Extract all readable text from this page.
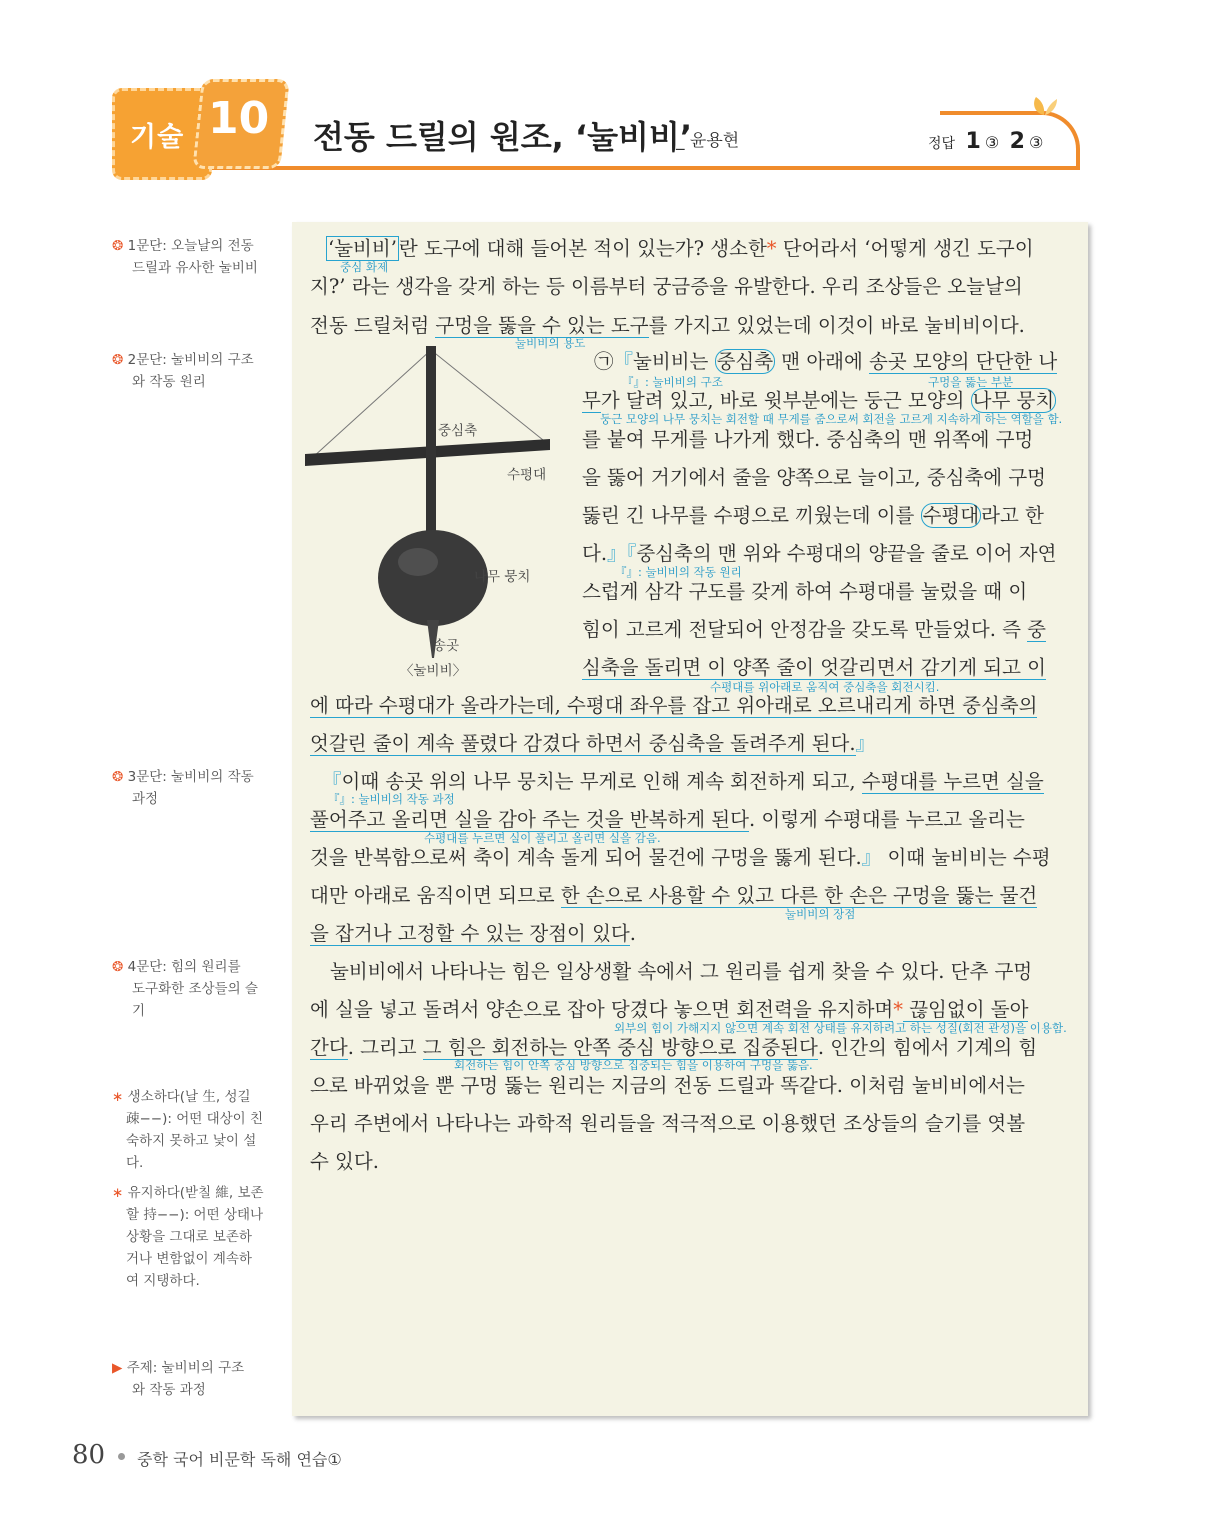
기술 10 전동 드릴의 원조, ‘눌비비’
_ 윤용현	정답 1 ③ 2 ③

❂ 1문단: 오늘날의 전동

드릴과 유사한 눌비비

❂ 2문단: 눌비비의 구조

와 작동 원리

❂ 3문단: 눌비비의 작동

과정

❂ 4문단: 힘의 원리를

도구화한 조상들의 슬

기

∗ 생소하다(날 生, 성길

疎−−): 어떤 대상이 친

숙하지 못하고 낯이 설

다.

∗ 유지하다(받칠 維, 보존

할 持−−): 어떤 상태나

상황을 그대로 보존하

거나 변함없이 계속하

여 지탱하다.

▶ 주제: 눌비비의 구조

와 작동 과정

중심축
수평대
나무 뭉치
송곳
〈눌비비〉
‘눌비비’ 란 도구에 대해 들어본 적이 있는가? 생소한* 단어라서 ‘어떻게 생긴 도구이
중심 화제
지?’ 라는 생각을 갖게 하는 등 이름부터 궁금증을 유발한다. 우리 조상들은 오늘날의
전동 드릴처럼 구멍을 뚫을 수 있는 도구를 가지고 있었는데 이것이 바로 눌비비이다.
눌비비의 용도
㉠『눌비비는 중심축 맨 아래에 송곳 모양의 단단한 나
『』: 눌비비의 구조	구멍을 뚫는 부분
무가 달려 있고, 바로 윗부분에는 둥근 모양의 나무 뭉치
둥근 모양의 나무 뭉치는 회전할 때 무게를 줌으로써 회전을 고르게 지속하게 하는 역할을 함.
를 붙여 무게를 나가게 했다. 중심축의 맨 위쪽에 구멍
을 뚫어 거기에서 줄을 양쪽으로 늘이고, 중심축에 구멍
뚫린 긴 나무를 수평으로 끼웠는데 이를 수평대 라고 한
다.』『중심축의 맨 위와 수평대의 양끝을 줄로 이어 자연
『』: 눌비비의 작동 원리
스럽게 삼각 구도를 갖게 하여 수평대를 눌렀을 때 이
힘이 고르게 전달되어 안정감을 갖도록 만들었다. 즉 중
심축을 돌리면 이 양쪽 줄이 엇갈리면서 감기게 되고 이
수평대를 위아래로 움직여 중심축을 회전시킴.
에 따라 수평대가 올라가는데, 수평대 좌우를 잡고 위아래로 오르내리게 하면 중심축의
엇갈린 줄이 계속 풀렸다 감겼다 하면서 중심축을 돌려주게 된다.』
『이때 송곳 위의 나무 뭉치는 무게로 인해 계속 회전하게 되고, 수평대를 누르면 실을
『』: 눌비비의 작동 과정
풀어주고 올리면 실을 감아 주는 것을 반복하게 된다. 이렇게 수평대를 누르고 올리는
수평대를 누르면 실이 풀리고 올리면 실을 감음.
것을 반복함으로써 축이 계속 돌게 되어 물건에 구멍을 뚫게 된다.』 이때 눌비비는 수평
대만 아래로 움직이면 되므로 한 손으로 사용할 수 있고 다른 한 손은 구멍을 뚫는 물건
눌비비의 장점
을 잡거나 고정할 수 있는 장점이 있다.
눌비비에서 나타나는 힘은 일상생활 속에서 그 원리를 쉽게 찾을 수 있다. 단추 구멍
에 실을 넣고 돌려서 양손으로 잡아 당겼다 놓으면 회전력을 유지하며* 끊임없이 돌아
외부의 힘이 가해지지 않으면 계속 회전 상태를 유지하려고 하는 성질(회전 관성)을 이용함.
간다. 그리고 그 힘은 회전하는 안쪽 중심 방향으로 집중된다. 인간의 힘에서 기계의 힘
회전하는 힘이 안쪽 중심 방향으로 집중되는 힘을 이용하여 구멍을 뚫음.
으로 바뀌었을 뿐 구멍 뚫는 원리는 지금의 전동 드릴과 똑같다. 이처럼 눌비비에서는
우리 주변에서 나타나는 과학적 원리들을 적극적으로 이용했던 조상들의 슬기를 엿볼
수 있다.
80 중학 국어 비문학 독해 연습①
